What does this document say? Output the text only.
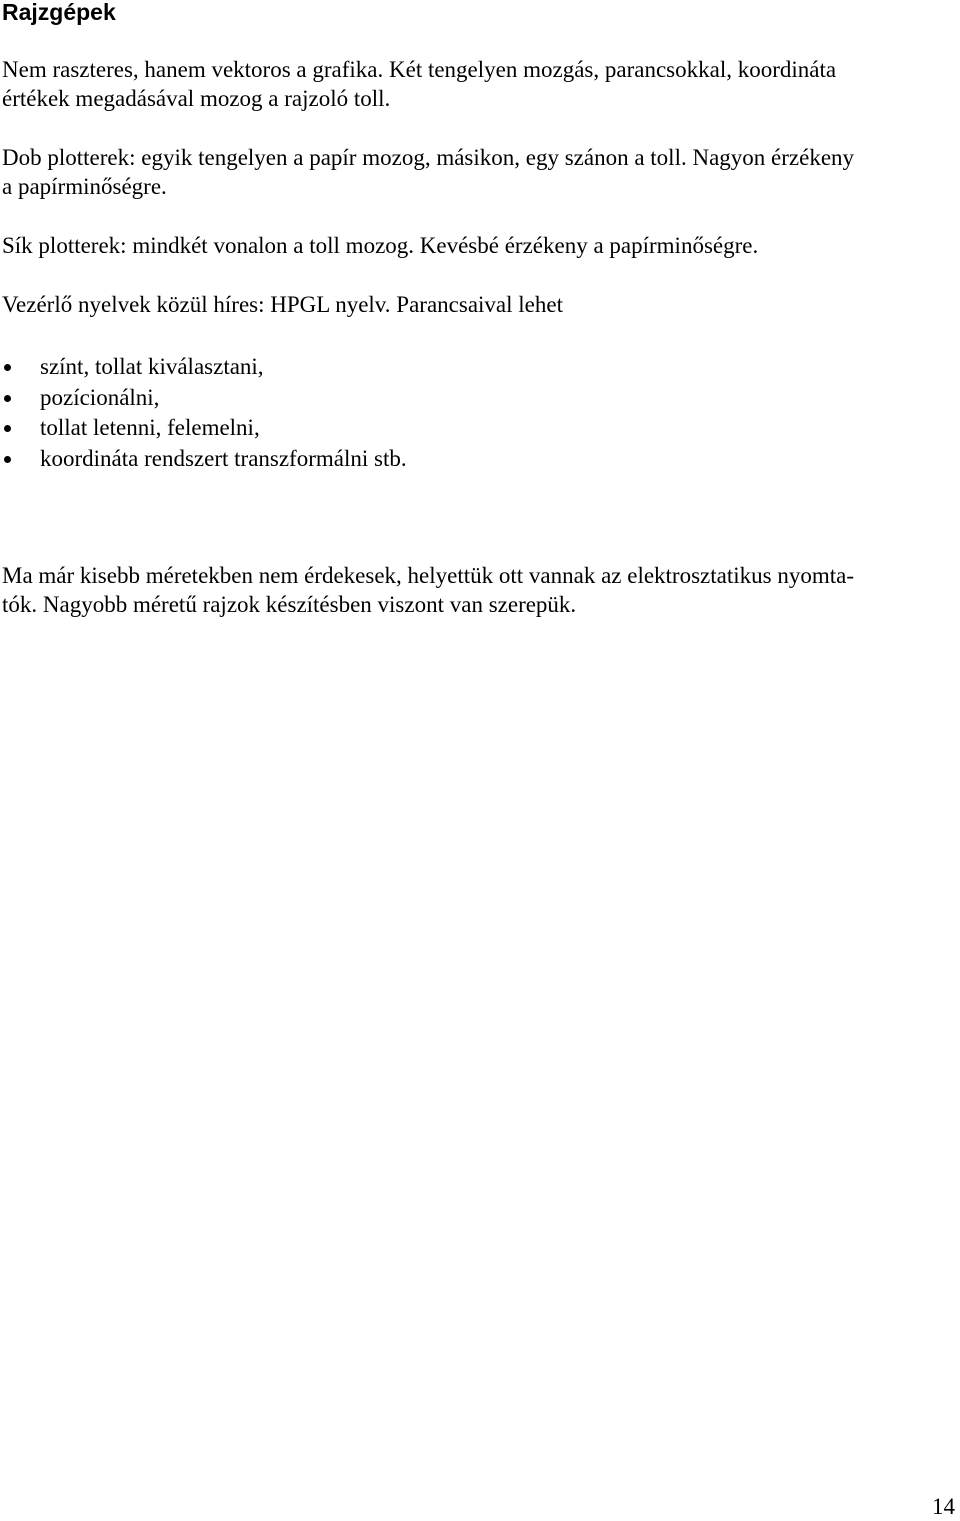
Rajzgépek

Nem raszteres, hanem vektoros a grafika. Két tengelyen mozgás, parancsokkal, koordináta

értékek megadásával mozog a rajzoló toll.

Dob plotterek: egyik tengelyen a papír mozog, másikon, egy szánon a toll. Nagyon érzékeny

a papírminőségre.

Sík plotterek: mindkét vonalon a toll mozog. Kevésbé érzékeny a papírminőségre.

Vezérlő nyelvek közül híres: HPGL nyelv. Parancsaival lehet

színt, tollat kiválasztani,
pozícionálni,
tollat letenni, felemelni,
koordináta rendszert transzformálni stb.

Ma már kisebb méretekben nem érdekesek, helyettük ott vannak az elektrosztatikus nyomta-

tók. Nagyobb méretű rajzok készítésben viszont van szerepük.

14
